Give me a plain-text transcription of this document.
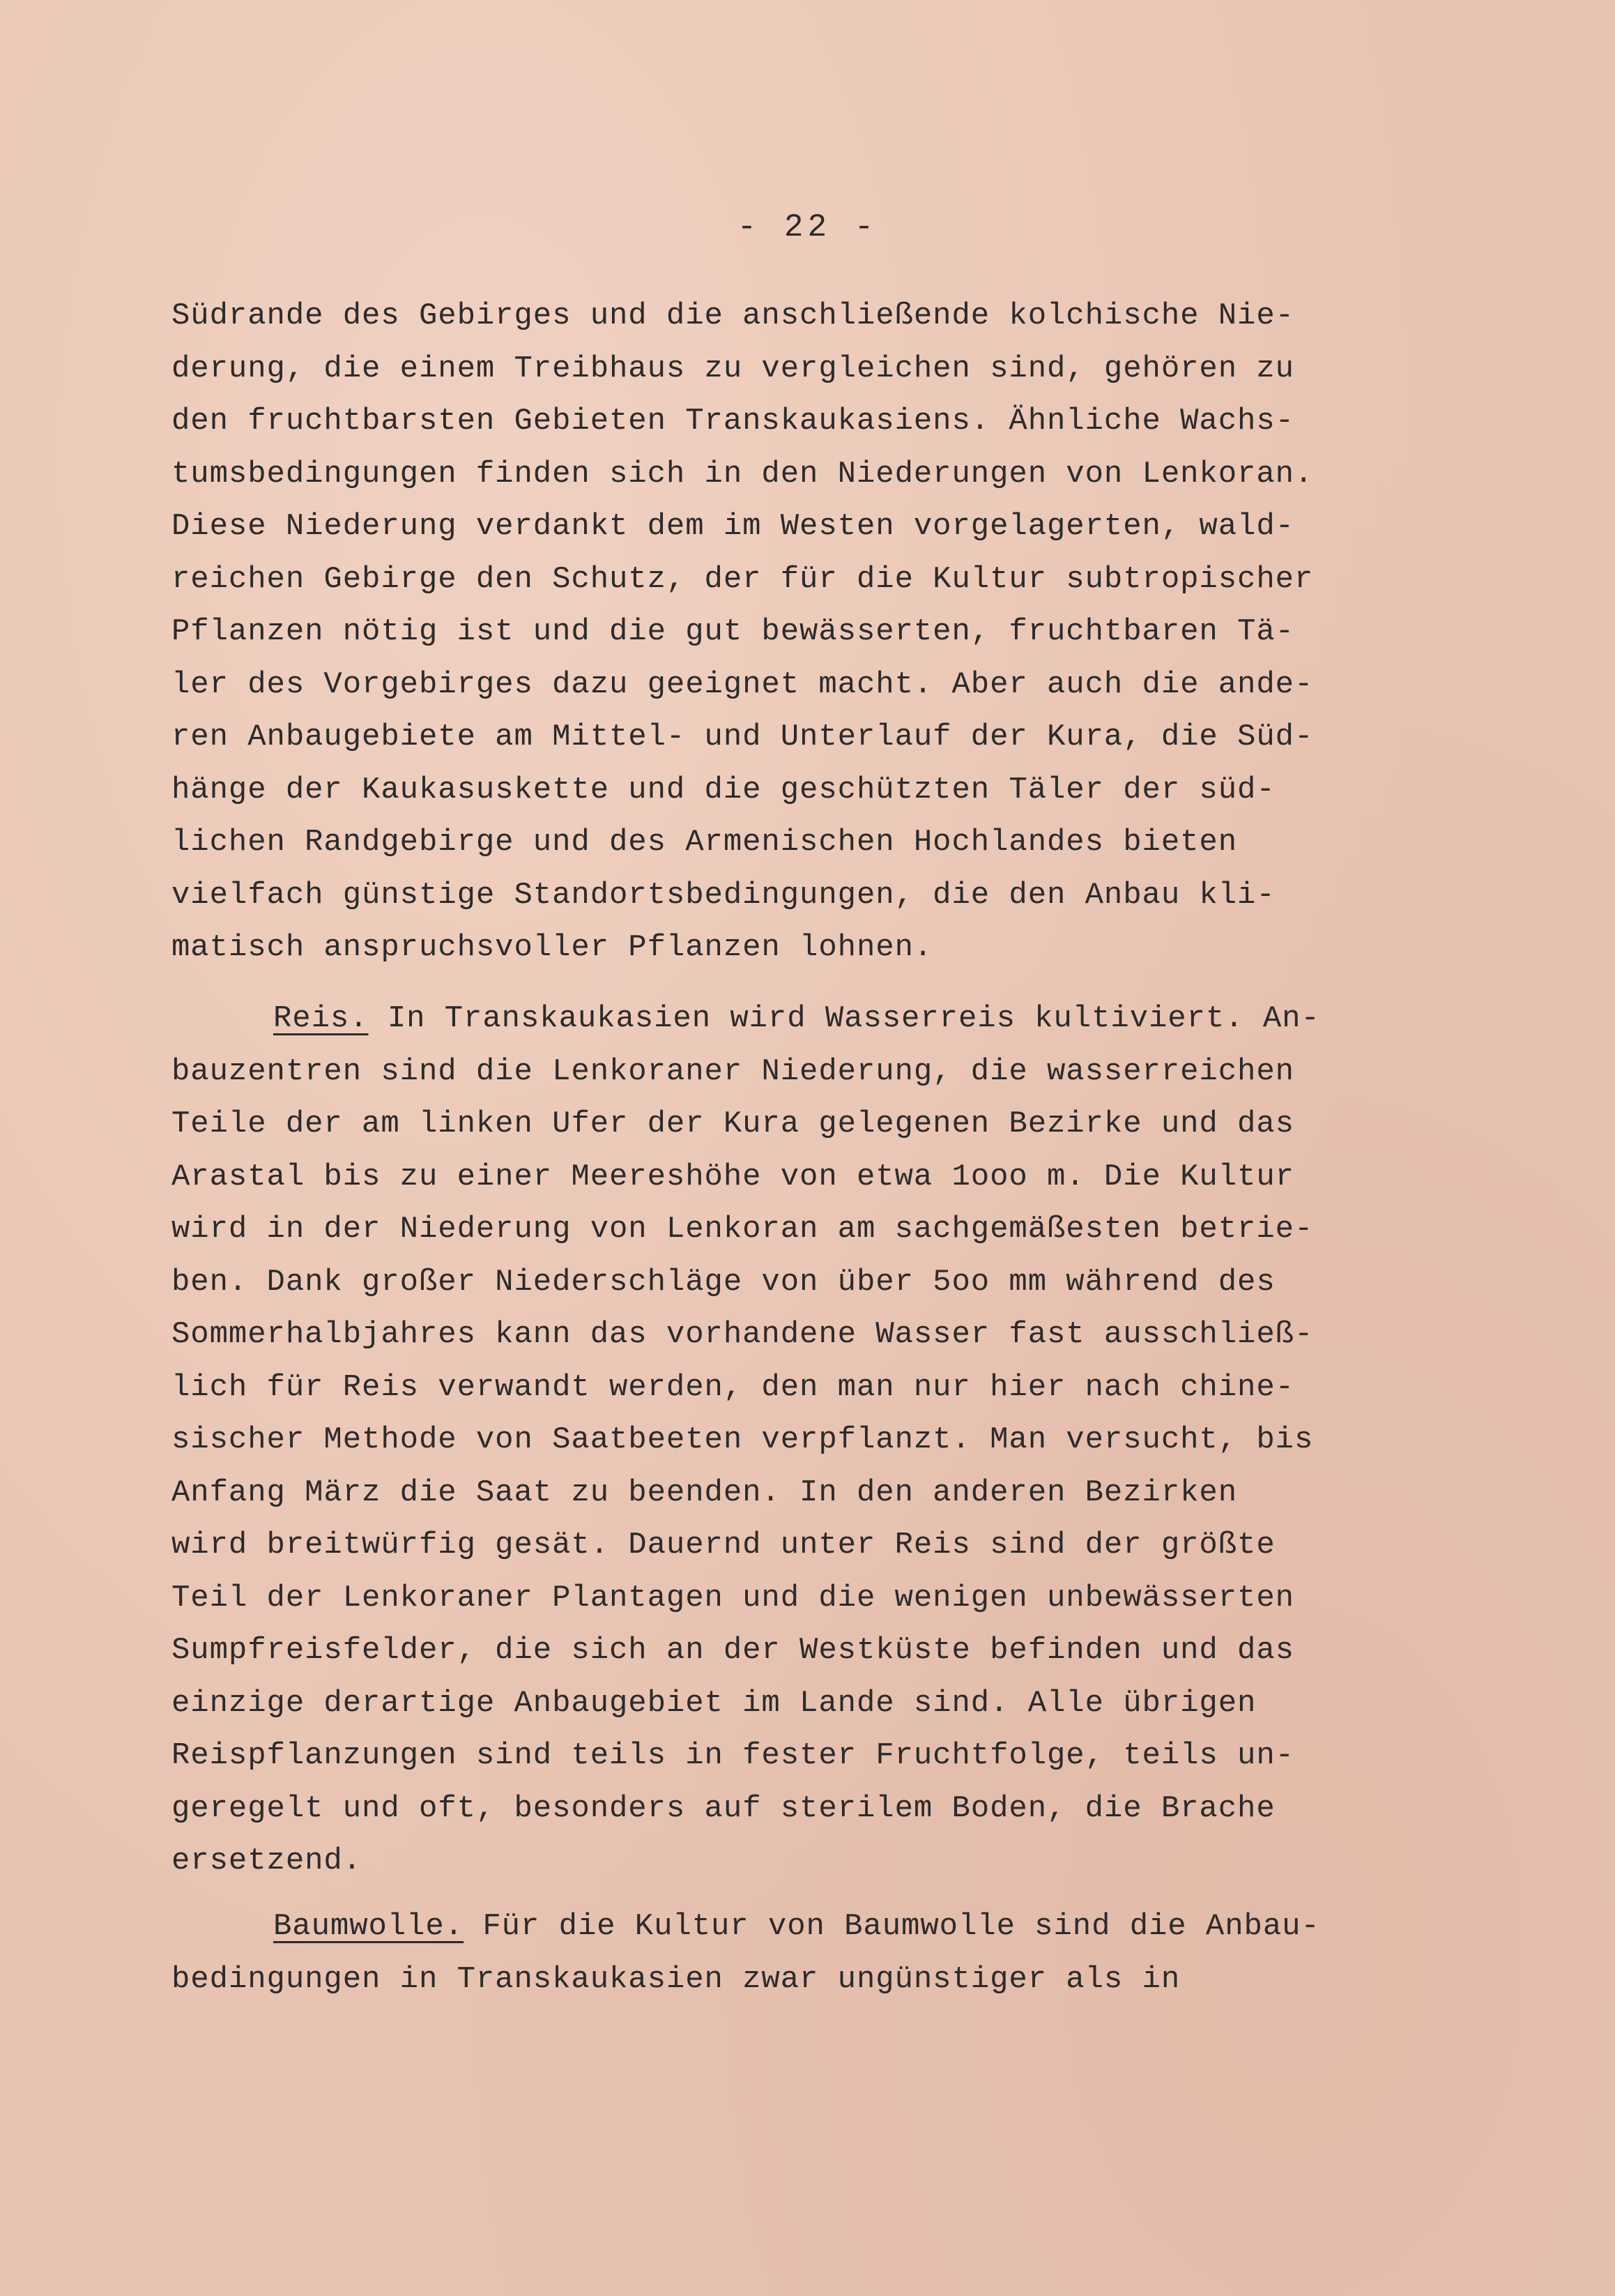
- 22 -
Südrande des Gebirges und die anschließende kolchische Nie-
derung, die einem Treibhaus zu vergleichen sind, gehören zu
den fruchtbarsten Gebieten Transkaukasiens. Ähnliche Wachs-
tumsbedingungen finden sich in den Niederungen von Lenkoran.
Diese Niederung verdankt dem im Westen vorgelagerten, wald-
reichen Gebirge den Schutz, der für die Kultur subtropischer
Pflanzen nötig ist und die gut bewässerten, fruchtbaren Tä-
ler des Vorgebirges dazu geeignet macht. Aber auch die ande-
ren Anbaugebiete am Mittel- und Unterlauf der Kura, die Süd-
hänge der Kaukasuskette und die geschützten Täler der süd-
lichen Randgebirge und des Armenischen Hochlandes bieten
vielfach günstige Standortsbedingungen, die den Anbau kli-
matisch anspruchsvoller Pflanzen lohnen.
Reis. In Transkaukasien wird Wasserreis kultiviert. An-
bauzentren sind die Lenkoraner Niederung, die wasserreichen
Teile der am linken Ufer der Kura gelegenen Bezirke und das
Arastal bis zu einer Meereshöhe von etwa 1ooo m. Die Kultur
wird in der Niederung von Lenkoran am sachgemäßesten betrie-
ben. Dank großer Niederschläge von über 5oo mm während des
Sommerhalbjahres kann das vorhandene Wasser fast ausschließ-
lich für Reis verwandt werden, den man nur hier nach chine-
sischer Methode von Saatbeeten verpflanzt. Man versucht, bis
Anfang März die Saat zu beenden. In den anderen Bezirken
wird breitwürfig gesät. Dauernd unter Reis sind der größte
Teil der Lenkoraner Plantagen und die wenigen unbewässerten
Sumpfreisfelder, die sich an der Westküste befinden und das
einzige derartige Anbaugebiet im Lande sind. Alle übrigen
Reispflanzungen sind teils in fester Fruchtfolge, teils un-
geregelt und oft, besonders auf sterilem Boden, die Brache
ersetzend.
Baumwolle. Für die Kultur von Baumwolle sind die Anbau-
bedingungen in Transkaukasien zwar ungünstiger als in
